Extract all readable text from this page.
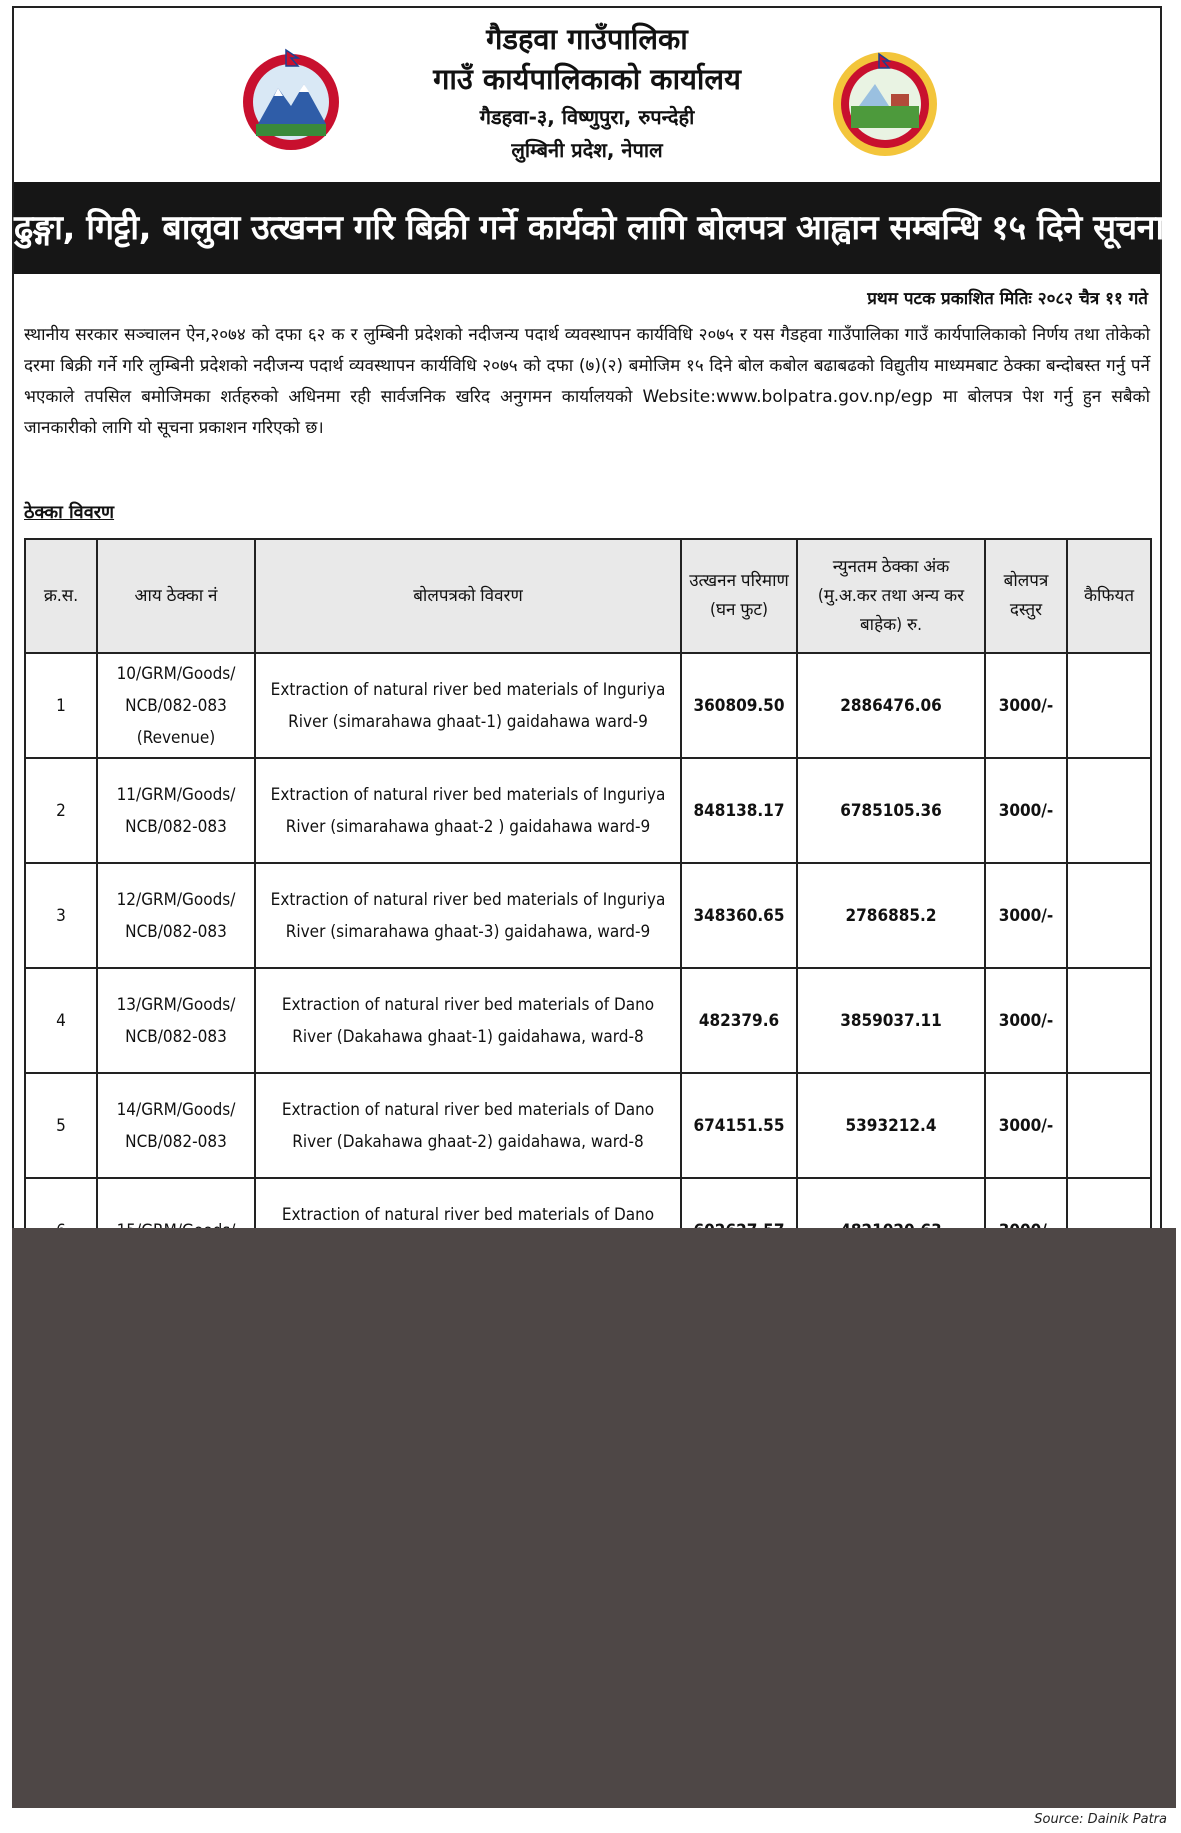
गैडहवा गाउँपालिका
गाउँ कार्यपालिकाको कार्यालय
गैडहवा-३, विष्णुपुरा, रुपन्देही
लुम्बिनी प्रदेश, नेपाल
ढुङ्गा, गिट्टी, बालुवा उत्खनन गरि बिक्री गर्ने कार्यको लागि बोलपत्र आह्वान सम्बन्धि १५ दिने सूचना
प्रथम पटक प्रकाशित मितिः २०८२ चैत्र ११ गते
स्थानीय सरकार सञ्चालन ऐन,२०७४ को दफा ६२ क र लुम्बिनी प्रदेशको नदीजन्य पदार्थ व्यवस्थापन कार्यविधि २०७५ र यस गैडहवा गाउँपालिका गाउँ कार्यपालिकाको निर्णय तथा तोकेको दरमा बिक्री गर्ने गरि लुम्बिनी प्रदेशको नदीजन्य पदार्थ व्यवस्थापन कार्यविधि २०७५ को दफा (७)(२) बमोजिम १५ दिने बोल कबोल बढाबढको विद्युतीय माध्यमबाट ठेक्का बन्दोबस्त गर्नु पर्ने भएकाले तपसिल बमोजिमका शर्तहरुको अधिनमा रही सार्वजनिक खरिद अनुगमन कार्यालयको Website:www.bolpatra.gov.np/egp मा बोलपत्र पेश गर्नु हुन सबैको जानकारीको लागि यो सूचना प्रकाशन गरिएको छ।
ठेक्का विवरण
क्र.स.	आय ठेक्का नं	बोलपत्रको विवरण	उत्खनन परिमाण (घन फुट)	न्युनतम ठेक्का अंक (मु.अ.कर तथा अन्य कर बाहेक) रु.	बोलपत्र दस्तुर	कैफियत
1	10/GRM/Goods/ NCB/082-083 (Revenue)	Extraction of natural river bed materials of Inguriya River (simarahawa ghaat-1) gaidahawa ward-9	360809.50	2886476.06	3000/-	
2	11/GRM/Goods/ NCB/082-083	Extraction of natural river bed materials of Inguriya River (simarahawa ghaat-2 ) gaidahawa ward-9	848138.17	6785105.36	3000/-	
3	12/GRM/Goods/ NCB/082-083	Extraction of natural river bed materials of Inguriya River (simarahawa ghaat-3) gaidahawa, ward-9	348360.65	2786885.2	3000/-	
4	13/GRM/Goods/ NCB/082-083	Extraction of natural river bed materials of Dano River (Dakahawa ghaat-1) gaidahawa, ward-8	482379.6	3859037.11	3000/-	
5	14/GRM/Goods/ NCB/082-083	Extraction of natural river bed materials of Dano River (Dakahawa ghaat-2) gaidahawa, ward-8	674151.55	5393212.4	3000/-	
		Extraction of natural river bed materials of Dano				
Source: Dainik Patra
